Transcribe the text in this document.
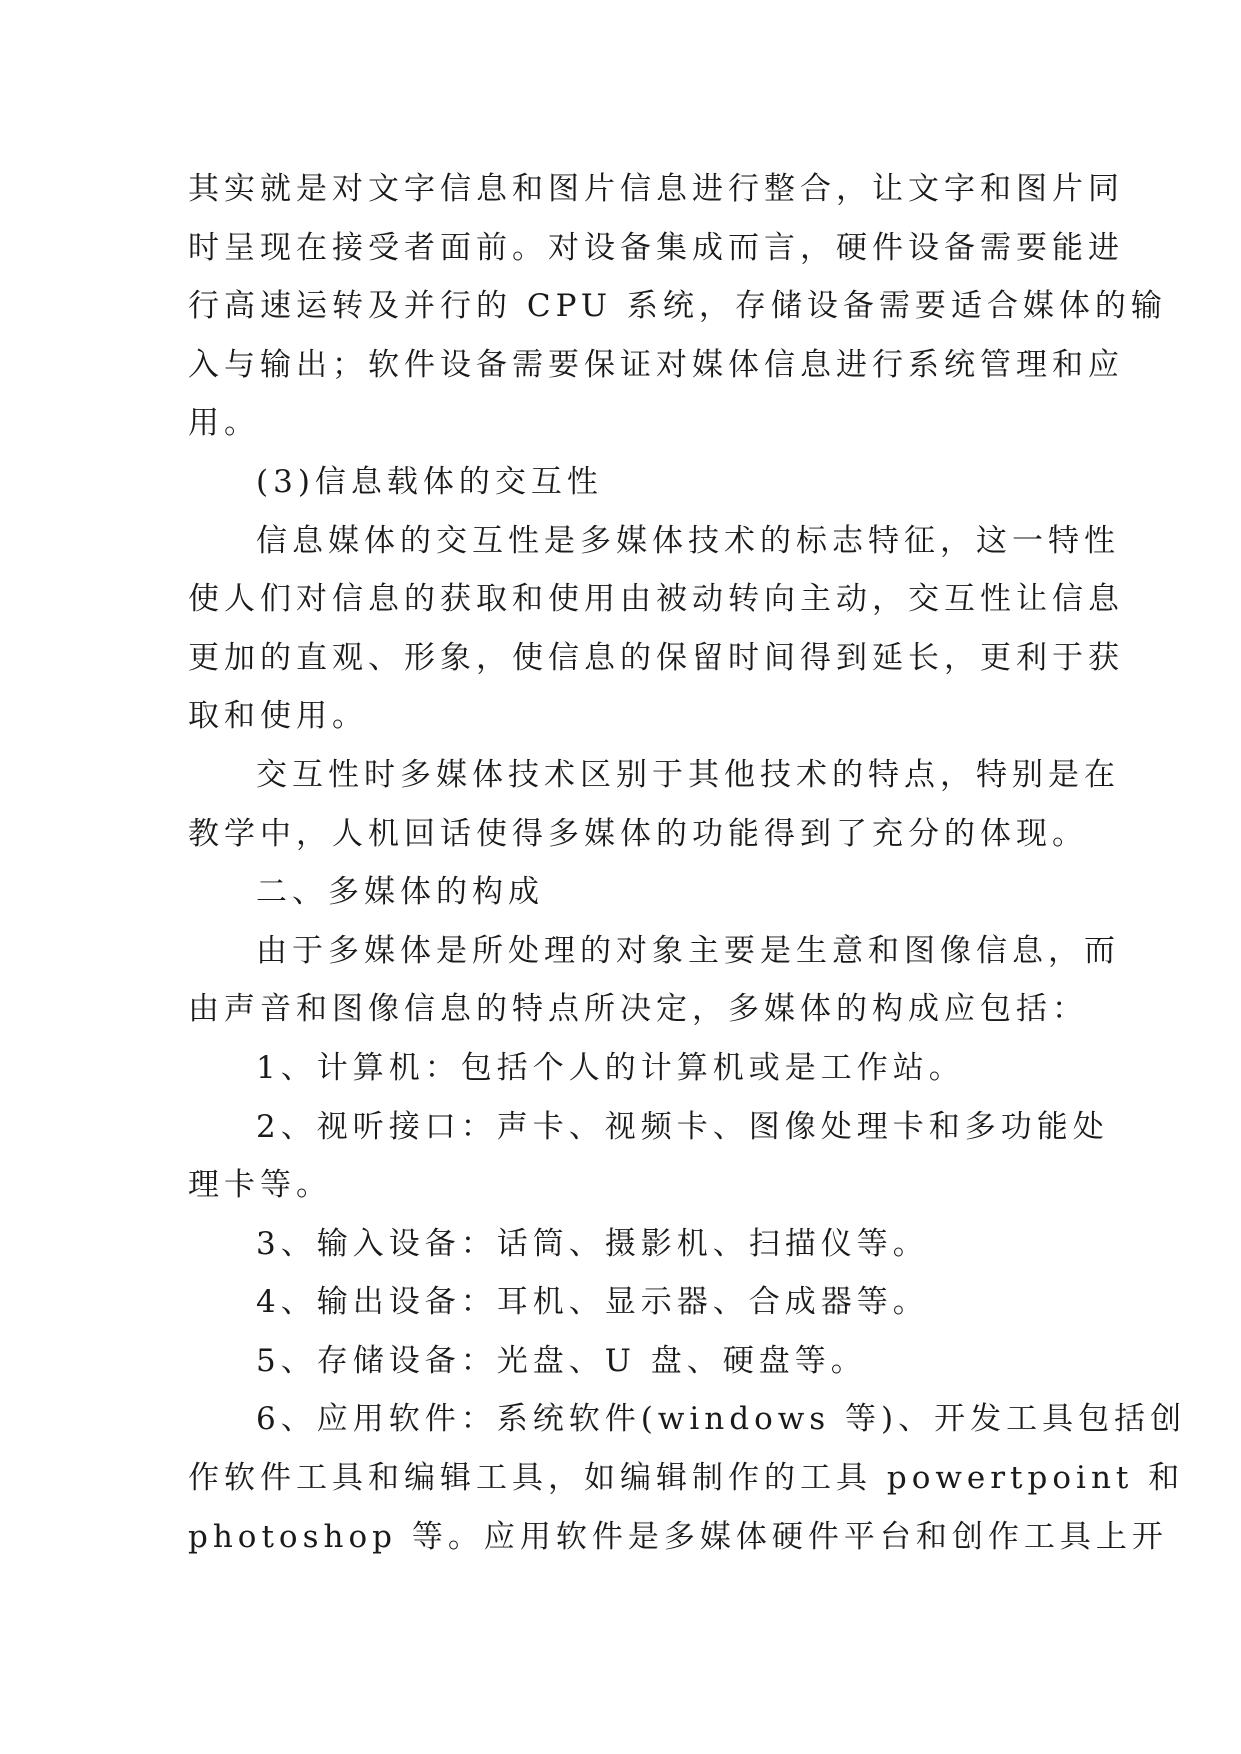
其实就是对文字信息和图片信息进行整合，让文字和图片同
时呈现在接受者面前。对设备集成而言，硬件设备需要能进
行高速运转及并行的 CPU 系统，存储设备需要适合媒体的输
入与输出；软件设备需要保证对媒体信息进行系统管理和应
用。
(3)信息载体的交互性
信息媒体的交互性是多媒体技术的标志特征，这一特性
使人们对信息的获取和使用由被动转向主动，交互性让信息
更加的直观、形象，使信息的保留时间得到延长，更利于获
取和使用。
交互性时多媒体技术区别于其他技术的特点，特别是在
教学中，人机回话使得多媒体的功能得到了充分的体现。
二、多媒体的构成
由于多媒体是所处理的对象主要是生意和图像信息，而
由声音和图像信息的特点所决定，多媒体的构成应包括：
1、计算机：包括个人的计算机或是工作站。
2、视听接口：声卡、视频卡、图像处理卡和多功能处
理卡等。
3、输入设备：话筒、摄影机、扫描仪等。
4、输出设备：耳机、显示器、合成器等。
5、存储设备：光盘、U 盘、硬盘等。
6、应用软件：系统软件(windows 等)、开发工具包括创
作软件工具和编辑工具，如编辑制作的工具 powertpoint 和
photoshop 等。应用软件是多媒体硬件平台和创作工具上开
